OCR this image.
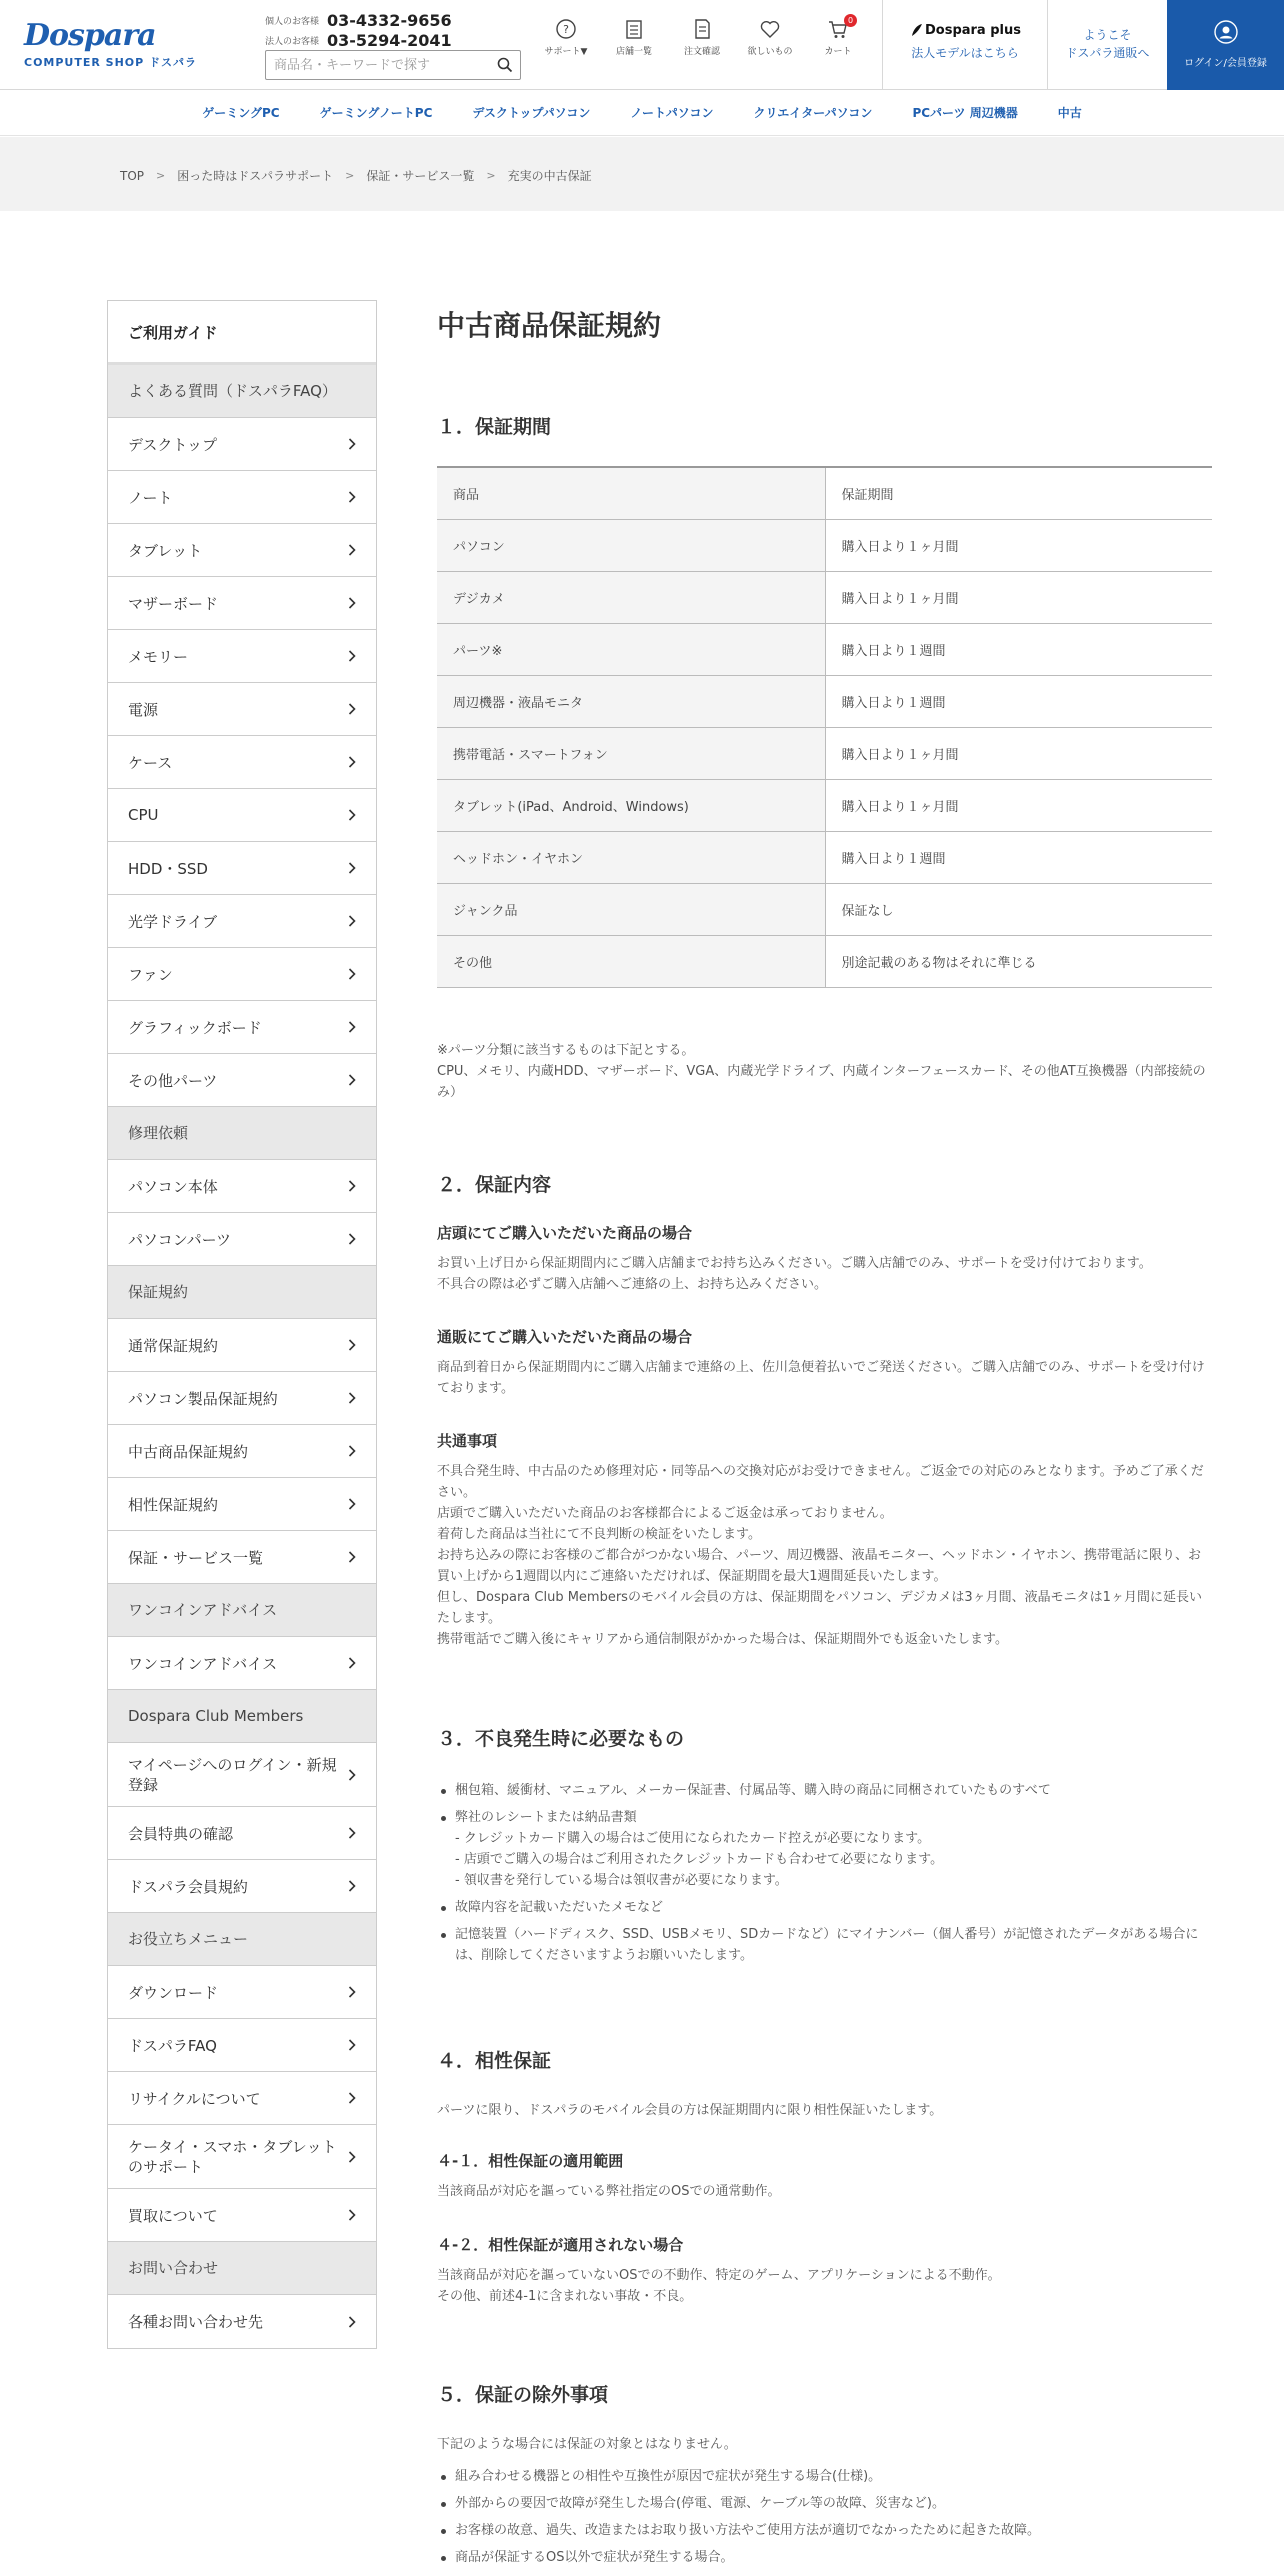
Dospara
COMPUTER SHOP ドスパラ
個人のお客様 03-4332-9656
法人のお客様 03-5294-2041
商品名・キーワードで探す
?
サポート▼	店舗一覧	注文確認	欲しいもの
0
カート
Dospara plus
法人モデルはこちら
ようこそ
ドスパラ通販へ
ログイン/会員登録
ゲーミングPC	ゲーミングノートPC	デスクトップパソコン	ノートパソコン	クリエイターパソコン	PCパーツ 周辺機器	中古
TOP > 困った時はドスパラサポート > 保証・サービス一覧 > 充実の中古保証
ご利用ガイド
よくある質問（ドスパラFAQ）
デスクトップ
ノート
タブレット
マザーボード
メモリー
電源
ケース
CPU
HDD・SSD
光学ドライブ
ファン
グラフィックボード
その他パーツ
修理依頼
パソコン本体
パソコンパーツ
保証規約
通常保証規約
パソコン製品保証規約
中古商品保証規約
相性保証規約
保証・サービス一覧
ワンコインアドバイス
ワンコインアドバイス
Dospara Club Members
マイページへのログイン・新規登録
会員特典の確認
ドスパラ会員規約
お役立ちメニュー
ダウンロード
ドスパラFAQ
リサイクルについて
ケータイ・スマホ・タブレットのサポート
買取について
お問い合わせ
各種お問い合わせ先
中古商品保証規約
１．保証期間
商品	保証期間
パソコン	購入日より１ヶ月間
デジカメ	購入日より１ヶ月間
パーツ※	購入日より１週間
周辺機器・液晶モニタ	購入日より１週間
携帯電話・スマートフォン	購入日より１ヶ月間
タブレット(iPad、Android、Windows)	購入日より１ヶ月間
ヘッドホン・イヤホン	購入日より１週間
ジャンク品	保証なし
その他	別途記載のある物はそれに準じる
※パーツ分類に該当するものは下記とする。
CPU、メモリ、内蔵HDD、マザーボード、VGA、内蔵光学ドライブ、内蔵インターフェースカード、その他AT互換機器（内部接続のみ）
２．保証内容
店頭にてご購入いただいた商品の場合
お買い上げ日から保証期間内にご購入店舗までお持ち込みください。ご購入店舗でのみ、サポートを受け付けております。
不具合の際は必ずご購入店舗へご連絡の上、お持ち込みください。
通販にてご購入いただいた商品の場合
商品到着日から保証期間内にご購入店舗まで連絡の上、佐川急便着払いでご発送ください。ご購入店舗でのみ、サポートを受け付けております。
共通事項
不具合発生時、中古品のため修理対応・同等品への交換対応がお受けできません。ご返金での対応のみとなります。予めご了承ください。
店頭でご購入いただいた商品のお客様都合によるご返金は承っておりません。
着荷した商品は当社にて不良判断の検証をいたします。
お持ち込みの際にお客様のご都合がつかない場合、パーツ、周辺機器、液晶モニター、ヘッドホン・イヤホン、携帯電話に限り、お買い上げから1週間以内にご連絡いただければ、保証期間を最大1週間延長いたします。
但し、Dospara Club Membersのモバイル会員の方は、保証期間をパソコン、デジカメは3ヶ月間、液晶モニタは1ヶ月間に延長いたします。
携帯電話でご購入後にキャリアから通信制限がかかった場合は、保証期間外でも返金いたします。
３．不良発生時に必要なもの
梱包箱、緩衝材、マニュアル、メーカー保証書、付属品等、購入時の商品に同梱されていたものすべて
弊社のレシートまたは納品書類
- クレジットカード購入の場合はご使用になられたカード控えが必要になります。
- 店頭でご購入の場合はご利用されたクレジットカードも合わせて必要になります。
- 領収書を発行している場合は領収書が必要になります。
故障内容を記載いただいたメモなど
記憶装置（ハードディスク、SSD、USBメモリ、SDカードなど）にマイナンバー（個人番号）が記憶されたデータがある場合には、削除してくださいますようお願いいたします。
４．相性保証
パーツに限り、ドスパラのモバイル会員の方は保証期間内に限り相性保証いたします。
４-１．相性保証の適用範囲
当該商品が対応を謳っている弊社指定のOSでの通常動作。
４-２．相性保証が適用されない場合
当該商品が対応を謳っていないOSでの不動作、特定のゲーム、アプリケーションによる不動作。
その他、前述4-1に含まれない事故・不良。
５．保証の除外事項
下記のような場合には保証の対象とはなりません。
組み合わせる機器との相性や互換性が原因で症状が発生する場合(仕様)。
外部からの要因で故障が発生した場合(停電、電源、ケーブル等の故障、災害など)。
お客様の故意、過失、改造またはお取り扱い方法やご使用方法が適切でなかったために起きた故障。
商品が保証するOS以外で症状が発生する場合。
